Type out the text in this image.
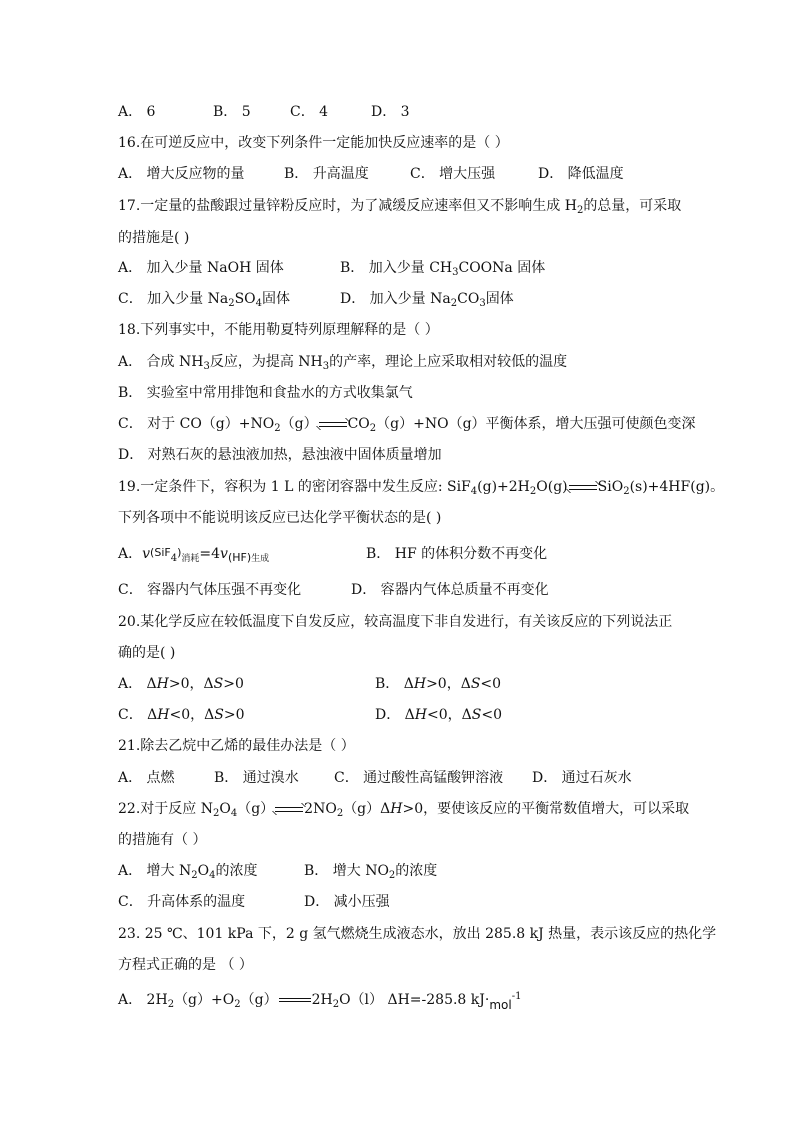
A． 6	B． 5	C． 4	D． 3
16.在可逆反应中，改变下列条件一定能加快反应速率的是（ ）
A． 增大反应物的量	B． 升高温度	C． 增大压强	D． 降低温度
17.一定量的盐酸跟过量锌粉反应时，为了减缓反应速率但又不影响生成 $H_2$的总量，可采取
的措施是( )
A． 加入少量 NaOH 固体	B． 加入少量 $CH_3COONa$ 固体
C． 加入少量 $Na_2SO_4$固体	D． 加入少量 $Na_2CO_3$固体
18.下列事实中，不能用勒夏特列原理解释的是（ ）
A． 合成 $NH_3$反应，为提高 $NH_3$的产率，理论上应采取相对较低的温度
B． 实验室中常用排饱和食盐水的方式收集氯气
C． 对于 $CO(g)+NO_2(g)$ $CO_2(g)+NO(g)$平衡体系，增大压强可使颜色变深
D． 对熟石灰的悬浊液加热，悬浊液中固体质量增加
19.一定条件下，容积为 1 L 的密闭容器中发生反应: $SiF_4(g)+2H_2O(g)$ SiO$_2$(s)+4HF(g)。
下列各项中不能说明该反应已达化学平衡状态的是( )
A．$v(SiF_4)_{消耗}=4v_{(HF)生成}$	B． HF 的体积分数不再变化
C． 容器内气体压强不再变化	D． 容器内气体总质量不再变化
20.某化学反应在较低温度下自发反应，较高温度下非自发进行，有关该反应的下列说法正
确的是( )
A． ΔH>0，ΔS>0	B． ΔH>0，ΔS<0
C． ΔH<0，ΔS>0	D． ΔH<0，ΔS<0
21.除去乙烷中乙烯的最佳办法是（ ）
A． 点燃	B． 通过溴水	C． 通过酸性高锰酸钾溶液 D． 通过石灰水
22.对于反应 $N_2O_4(g)$ $2NO_2(g)\Delta H>0$，要使该反应的平衡常数值增大，可以采取
的措施有（ ）
A． 增大 $N_2O_4$的浓度	B． 增大 $NO_2$的浓度
C． 升高体系的温度	D． 减小压强
23. 25 ℃、101 kPa 下，2 g 氢气燃烧生成液态水，放出 285.8 kJ 热量，表示该反应的热化学
方程式正确的是 （ ）
A． $2H_2(g)+O_2(g)$ $2H_2O(l)$ ΔH=-285.8 kJ·mol$^{-1}$
